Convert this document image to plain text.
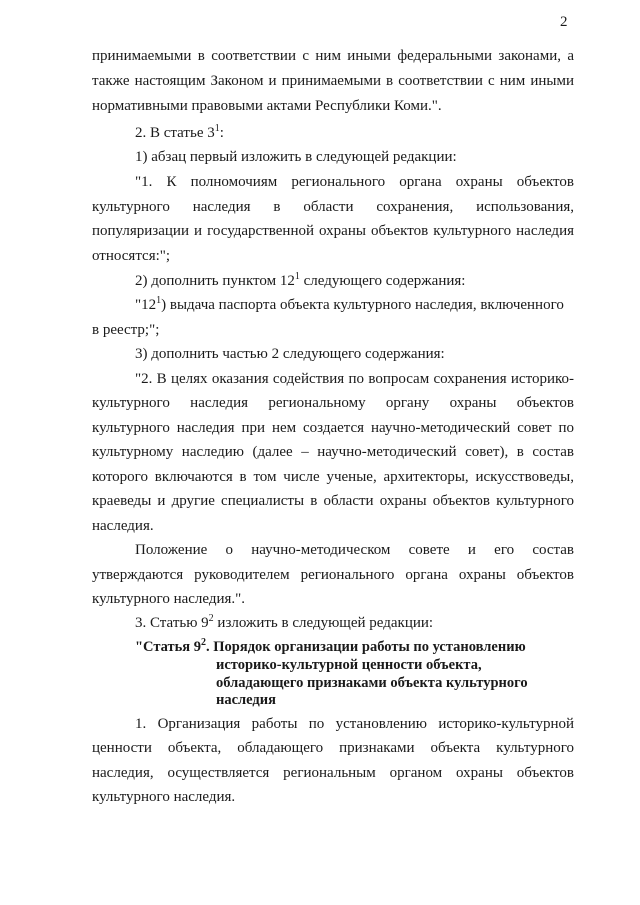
2
принимаемыми в соответствии с ним иными федеральными законами, а
также настоящим Законом и принимаемыми в соответствии с ним иными
нормативными правовыми актами Республики Коми.".
2. В статье $3^1$:
1) абзац первый изложить в следующей редакции:
"1. К полномочиям регионального органа охраны объектов
культурного наследия в области сохранения, использования,
популяризации и государственной охраны объектов культурного наследия
относятся:";
2) дополнить пунктом $12^1$ следующего содержания:
"$12^1$) выдача паспорта объекта культурного наследия, включенного
в реестр;";
3) дополнить частью 2 следующего содержания:
"2. В целях оказания содействия по вопросам сохранения историко-
культурного наследия региональному органу охраны объектов
культурного наследия при нем создается научно-методический совет по
культурному наследию (далее – научно-методический совет), в состав
которого включаются в том числе ученые, архитекторы, искусствоведы,
краеведы и другие специалисты в области охраны объектов культурного
наследия.
Положение о научно-методическом совете и его состав
утверждаются руководителем регионального органа охраны объектов
культурного наследия.".
3. Статью $9^2$ изложить в следующей редакции:
"Статья $9^2$. Порядок организации работы по установлению
историко-культурной ценности объекта,
обладающего признаками объекта культурного
наследия
1. Организация работы по установлению историко-культурной
ценности объекта, обладающего признаками объекта культурного
наследия, осуществляется региональным органом охраны объектов
культурного наследия.
